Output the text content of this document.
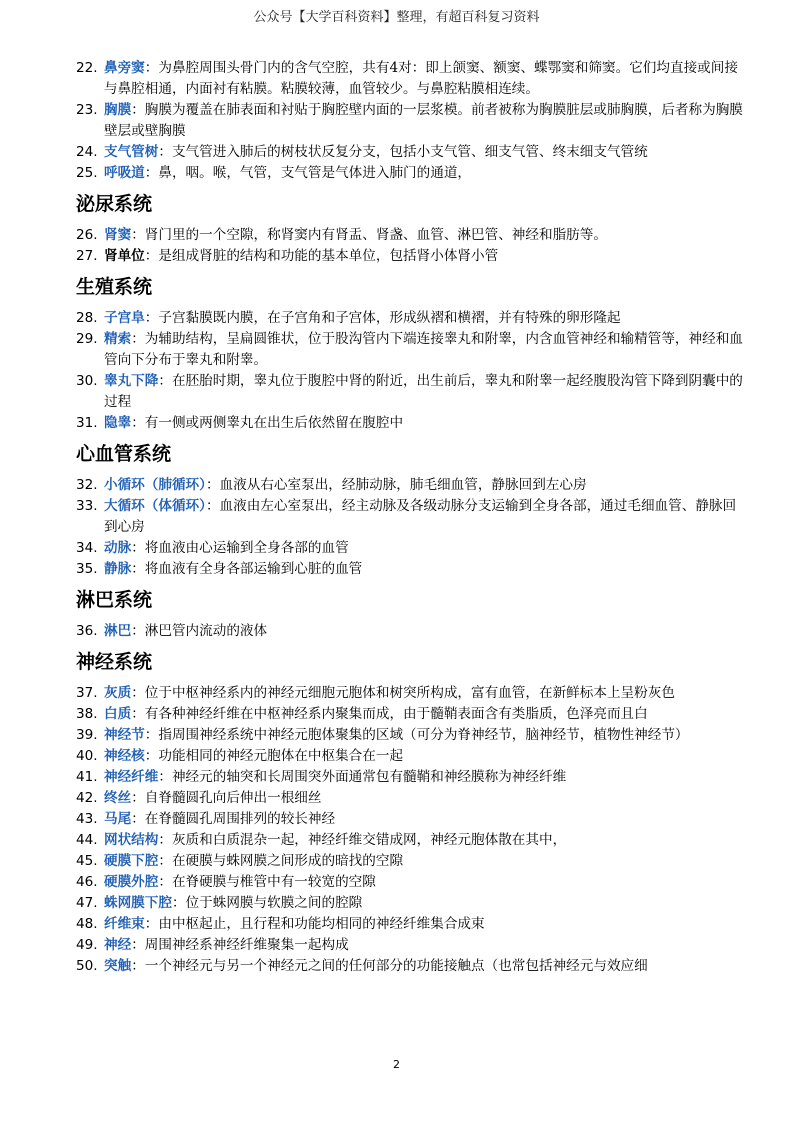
公众号【大学百科资料】整理，有超百科复习资料
22. 鼻旁窦：为鼻腔周围头骨门内的含气空腔，共有4对：即上颌窦、额窦、蝶鄂窦和筛窦。它们均直接或间接与鼻腔相通，内面衬有粘膜。粘膜较薄，血管较少。与鼻腔粘膜相连续。
23. 胸膜：胸膜为覆盖在肺表面和衬贴于胸腔壁内面的一层浆模。前者被称为胸膜脏层或肺胸膜，后者称为胸膜壁层或壁胸膜
24. 支气管树：支气管进入肺后的树枝状反复分支，包括小支气管、细支气管、终末细支气管统
25. 呼吸道：鼻，咽。喉，气管，支气管是气体进入肺门的通道，
泌尿系统
26. 肾窦：肾门里的一个空隙，称肾窦内有肾盂、肾盏、血管、淋巴管、神经和脂肪等。
27. 肾单位：是组成肾脏的结构和功能的基本单位，包括肾小体肾小管
生殖系统
28. 子宫阜：子宫黏膜既内膜，在子宫角和子宫体，形成纵褶和横褶，并有特殊的卵形隆起
29. 精索：为辅助结构，呈扁圆锥状，位于股沟管内下端连接睾丸和附睾，内含血管神经和输精管等，神经和血管向下分布于睾丸和附睾。
30. 睾丸下降：在胚胎时期，睾丸位于腹腔中肾的附近，出生前后，睾丸和附睾一起经腹股沟管下降到阴囊中的过程
31. 隐睾：有一侧或两侧睾丸在出生后依然留在腹腔中
心血管系统
32. 小循环（肺循环）：血液从右心室泵出，经肺动脉，肺毛细血管，静脉回到左心房
33. 大循环（体循环）：血液由左心室泵出，经主动脉及各级动脉分支运输到全身各部，通过毛细血管、静脉回到心房
34. 动脉：将血液由心运输到全身各部的血管
35. 静脉：将血液有全身各部运输到心脏的血管
淋巴系统
36. 淋巴：淋巴管内流动的液体
神经系统
37. 灰质：位于中枢神经系内的神经元细胞元胞体和树突所构成，富有血管，在新鲜标本上呈粉灰色
38. 白质：有各种神经纤维在中枢神经系内聚集而成，由于髓鞘表面含有类脂质，色泽亮而且白
39. 神经节：指周围神经系统中神经元胞体聚集的区域（可分为脊神经节，脑神经节，植物性神经节）
40. 神经核：功能相同的神经元胞体在中枢集合在一起
41. 神经纤维：神经元的轴突和长周围突外面通常包有髓鞘和神经膜称为神经纤维
42. 终丝：自脊髓圆孔向后伸出一根细丝
43. 马尾：在脊髓圆孔周围排列的较长神经
44. 网状结构：灰质和白质混杂一起，神经纤维交错成网，神经元胞体散在其中，
45. 硬膜下腔：在硬膜与蛛网膜之间形成的暗找的空隙
46. 硬膜外腔：在脊硬膜与椎管中有一较宽的空隙
47. 蛛网膜下腔：位于蛛网膜与软膜之间的腔隙
48. 纤维束：由中枢起止，且行程和功能均相同的神经纤维集合成束
49. 神经：周围神经系神经纤维聚集一起构成
50. 突触：一个神经元与另一个神经元之间的任何部分的功能接触点（也常包括神经元与效应细
2
